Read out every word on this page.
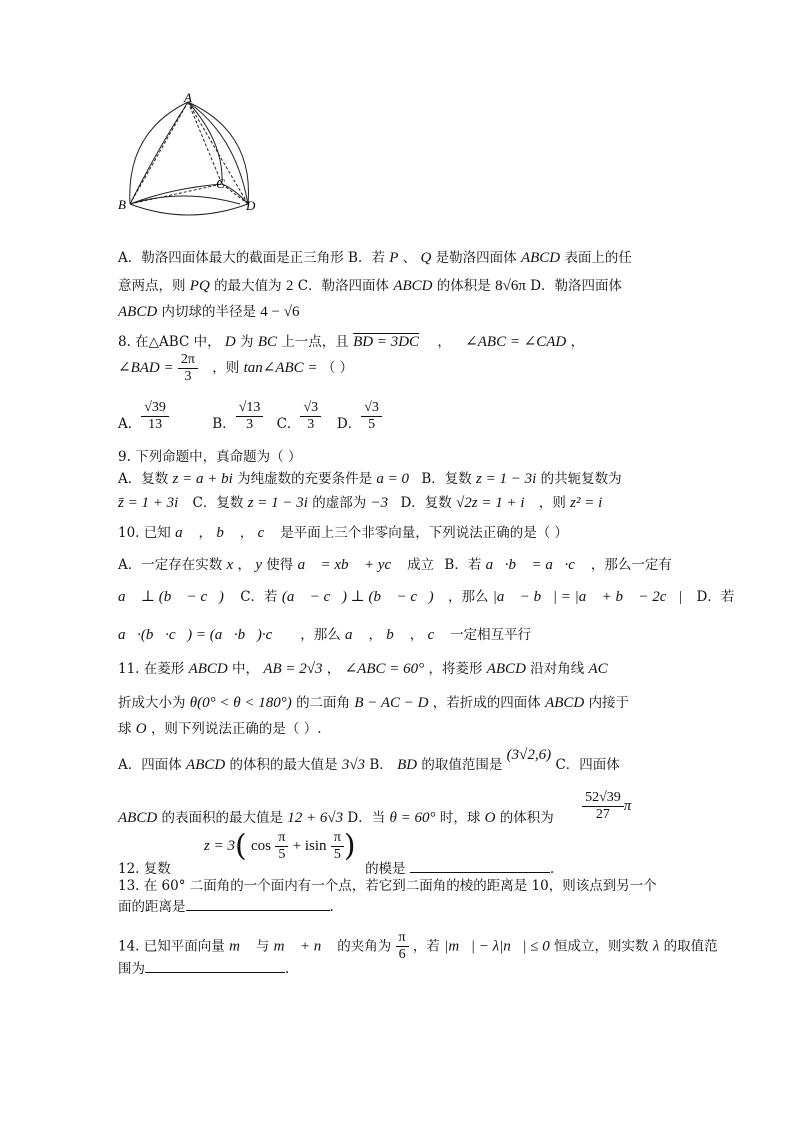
A
B
C
D
A．勒洛四面体最大的截面是正三角形 B．若 P 、 Q 是勒洛四面体 ABCD 表面上的任
意两点，则 PQ 的最大值为 2 C．勒洛四面体 ABCD 的体积是 8√6π D．勒洛四面体
ABCD 内切球的半径是 4 − √6
8. 在△ABC 中， D 为 BC 上一点，且 BD = 3DC ， ∠ABC = ∠CAD ，
∠BAD = $\frac{2\pi}{3}$ ，则 tan∠ABC = （ ）
A． $\frac{√39}{13}$	B． $\frac{√13}{3}$ C． $\frac{√3}{3}$ D． $\frac{√3}{5}$
9. 下列命题中，真命题为（ ）
A．复数 z = a + bi 为纯虚数的充要条件是 a = 0 B．复数 z = 1 − 3i 的共轭复数为
z̄ = 1 + 3i C．复数 z = 1 − 3i 的虚部为 −3 D．复数 √2z = 1 + i ，则 z² = i
10. 已知 a⃗ ， b⃗ ， c⃗ 是平面上三个非零向量，下列说法正确的是（ ）
A．一定存在实数 x ， y 使得 a⃗ = xb⃗ + yc⃗ 成立 B．若 a⃗·b⃗ = a⃗·c⃗ ，那么一定有
a⃗ ⊥ (b⃗ − c⃗) C．若 (a⃗ − c⃗) ⊥ (b⃗ − c⃗) ，那么 |a⃗ − b⃗| = |a⃗ + b⃗ − 2c⃗| D．若
a⃗·(b⃗·c⃗) = (a⃗·b⃗)·c⃗ ，那么 a⃗ ， b⃗ ， c⃗ 一定相互平行
11. 在菱形 ABCD 中， AB = 2√3 ， ∠ABC = 60° ，将菱形 ABCD 沿对角线 AC
折成大小为 θ(0° < θ < 180°) 的二面角 B − AC − D ，若折成的四面体 ABCD 内接于
球 O ，则下列说法正确的是（ ）.
A．四面体 ABCD 的体积的最大值是 3√3 B． BD 的取值范围是 (3√2,6) C．四面体
ABCD 的表面积的最大值是 12 + 6√3 D．当 θ = 60° 时，球 O 的体积为 $\frac{52√39}{27}$ π
z = 3( $\cos \frac{\pi}{5} + isin \frac{\pi}{5}$ )
12. 复数	的模是	.
13. 在 60° 二面角的一个面内有一个点，若它到二面角的棱的距离是 10，则该点到另一个
面的距离是	.
14. 已知平面向量 m⃗ 与 m⃗ + n⃗ 的夹角为 $\frac{\pi}{6}$ ，若 |m⃗| − λ|n⃗| ≤ 0 恒成立，则实数 λ 的取值范
围为	.
